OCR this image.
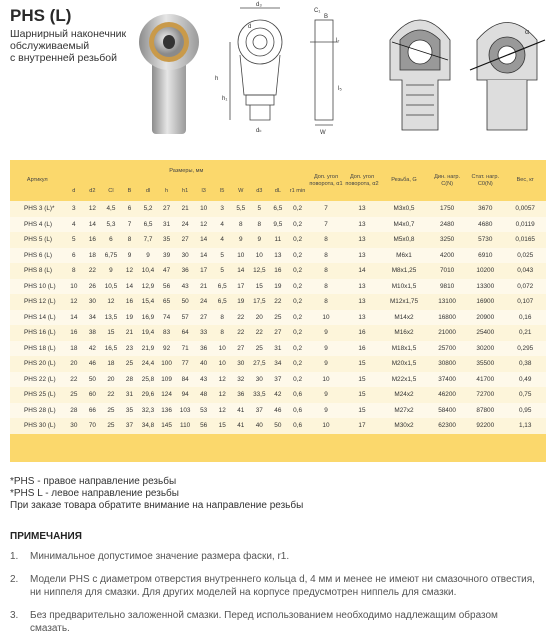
PHS (L)
Шарнирный наконечник
обслуживаемый
с внутренней резьбой
d₃
d
C₁
B
l₇
h
h₁
l₅
dₖ	W
α
Артикул	Размеры, мм													Доп. угол поворота, α1	Доп. угол поворота, α2	Резьба, G	Дин. нагр. C(N)	Стат. нагр. C0(N)	Вес, кг
	d	d2	Cl	B	dl	h	h1	l3	l5	W	d3	dL	r1 min						
PHS 3 (L)*	3	12	4,5	6	5,2	27	21	10	3	5,5	5	6,5	0,2	7	13	M3x0,5	1750	3670	0,0057
PHS 4 (L)	4	14	5,3	7	6,5	31	24	12	4	8	8	9,5	0,2	7	13	M4x0,7	2480	4680	0,0119
PHS 5 (L)	5	16	6	8	7,7	35	27	14	4	9	9	11	0,2	8	13	M5x0,8	3250	5730	0,0165
PHS 6 (L)	6	18	6,75	9	9	39	30	14	5	10	10	13	0,2	8	13	M6x1	4200	6910	0,025
PHS 8 (L)	8	22	9	12	10,4	47	36	17	5	14	12,5	16	0,2	8	14	M8x1,25	7010	10200	0,043
PHS 10 (L)	10	26	10,5	14	12,9	56	43	21	6,5	17	15	19	0,2	8	13	M10x1,5	9810	13300	0,072
PHS 12 (L)	12	30	12	16	15,4	65	50	24	6,5	19	17,5	22	0,2	8	13	M12x1,75	13100	16900	0,107
PHS 14 (L)	14	34	13,5	19	16,9	74	57	27	8	22	20	25	0,2	10	13	M14x2	16800	20900	0,16
PHS 16 (L)	16	38	15	21	19,4	83	64	33	8	22	22	27	0,2	9	16	M16x2	21000	25400	0,21
PHS 18 (L)	18	42	16,5	23	21,9	92	71	36	10	27	25	31	0,2	9	16	M18x1,5	25700	30200	0,295
PHS 20 (L)	20	46	18	25	24,4	100	77	40	10	30	27,5	34	0,2	9	15	M20x1,5	30800	35500	0,38
PHS 22 (L)	22	50	20	28	25,8	109	84	43	12	32	30	37	0,2	10	15	M22x1,5	37400	41700	0,49
PHS 25 (L)	25	60	22	31	29,6	124	94	48	12	36	33,5	42	0,6	9	15	M24x2	46200	72700	0,75
PHS 28 (L)	28	66	25	35	32,3	136	103	53	12	41	37	46	0,6	9	15	M27x2	58400	87800	0,95
PHS 30 (L)	30	70	25	37	34,8	145	110	56	15	41	40	50	0,6	10	17	M30x2	62300	92200	1,13
*PHS - правое направление резьбы
*PHS L - левое направление резьбы
При заказе товара обратите внимание на направление резьбы
ПРИМЕЧАНИЯ
1.	Минимальное допустимое значение размера фаски, r1.
2.	Модели PHS с диаметром отверстия внутреннего кольца d, 4 мм и менее не имеют ни смазочного отвестия, ни ниппеля для смазки. Для других моделей на корпусе предусмотрен ниппель для смазки.
3.	Без предварительно заложенной смазки. Перед использованием необходимо надлежащим образом смазать.
